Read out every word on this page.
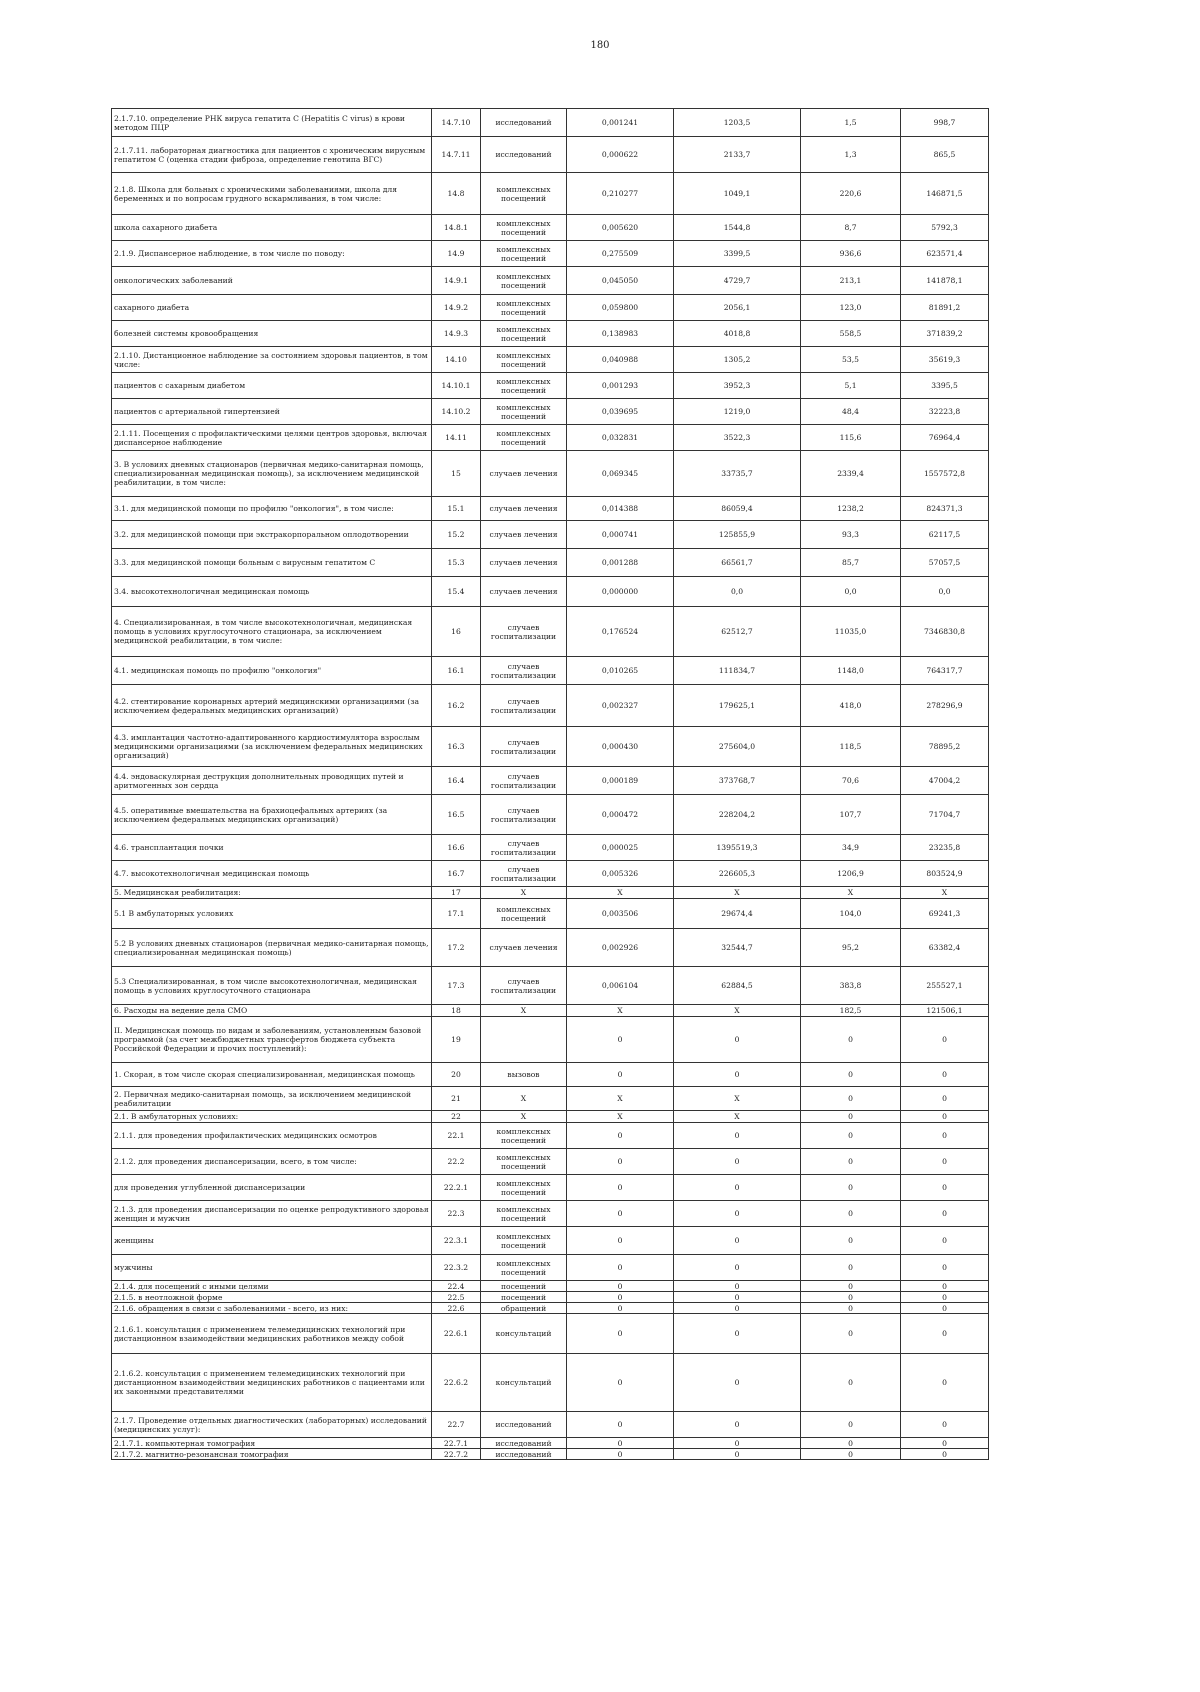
180
2.1.7.10. определение РНК вируса гепатита С (Hepatitis C virus) в крови методом ПЦР	14.7.10	исследований	0,001241	1203,5	1,5	998,7
2.1.7.11. лабораторная диагностика для пациентов с хроническим вирусным гепатитом С (оценка стадии фиброза, определение генотипа ВГС)	14.7.11	исследований	0,000622	2133,7	1,3	865,5
2.1.8. Школа для больных с хроническими заболеваниями, школа для беременных и по вопросам грудного вскармливания, в том числе:	14.8	комплексных посещений	0,210277	1049,1	220,6	146871,5
школа сахарного диабета	14.8.1	комплексных посещений	0,005620	1544,8	8,7	5792,3
2.1.9. Диспансерное наблюдение, в том числе по поводу:	14.9	комплексных посещений	0,275509	3399,5	936,6	623571,4
онкологических заболеваний	14.9.1	комплексных посещений	0,045050	4729,7	213,1	141878,1
сахарного диабета	14.9.2	комплексных посещений	0,059800	2056,1	123,0	81891,2
болезней системы кровообращения	14.9.3	комплексных посещений	0,138983	4018,8	558,5	371839,2
2.1.10. Дистанционное наблюдение за состоянием здоровья пациентов, в том числе:	14.10	комплексных посещений	0,040988	1305,2	53,5	35619,3
пациентов с сахарным диабетом	14.10.1	комплексных посещений	0,001293	3952,3	5,1	3395,5
пациентов с артериальной гипертензией	14.10.2	комплексных посещений	0,039695	1219,0	48,4	32223,8
2.1.11. Посещения с профилактическими целями центров здоровья, включая диспансерное наблюдение	14.11	комплексных посещений	0,032831	3522,3	115,6	76964,4
3. В условиях дневных стационаров (первичная медико-санитарная помощь, специализированная медицинская помощь), за исключением медицинской реабилитации, в том числе:	15	случаев лечения	0,069345	33735,7	2339,4	1557572,8
3.1. для медицинской помощи по профилю "онкология", в том числе:	15.1	случаев лечения	0,014388	86059,4	1238,2	824371,3
3.2. для медицинской помощи при экстракорпоральном оплодотворении	15.2	случаев лечения	0,000741	125855,9	93,3	62117,5
3.3. для медицинской помощи больным с вирусным гепатитом С	15.3	случаев лечения	0,001288	66561,7	85,7	57057,5
3.4. высокотехнологичная медицинская помощь	15.4	случаев лечения	0,000000	0,0	0,0	0,0
4. Специализированная, в том числе высокотехнологичная, медицинская помощь в условиях круглосуточного стационара, за исключением медицинской реабилитации, в том числе:	16	случаев госпитализации	0,176524	62512,7	11035,0	7346830,8
4.1. медицинская помощь по профилю "онкология"	16.1	случаев госпитализации	0,010265	111834,7	1148,0	764317,7
4.2. стентирование коронарных артерий медицинскими организациями (за исключением федеральных медицинских организаций)	16.2	случаев госпитализации	0,002327	179625,1	418,0	278296,9
4.3. имплантация частотно-адаптированного кардиостимулятора взрослым медицинскими организациями (за исключением федеральных медицинских организаций)	16.3	случаев госпитализации	0,000430	275604,0	118,5	78895,2
4.4. эндоваскулярная деструкция дополнительных проводящих путей и аритмогенных зон сердца	16.4	случаев госпитализации	0,000189	373768,7	70,6	47004,2
4.5. оперативные вмешательства на брахиоцефальных артериях (за исключением федеральных медицинских организаций)	16.5	случаев госпитализации	0,000472	228204,2	107,7	71704,7
4.6. трансплантация почки	16.6	случаев госпитализации	0,000025	1395519,3	34,9	23235,8
4.7. высокотехнологичная медицинская помощь	16.7	случаев госпитализации	0,005326	226605,3	1206,9	803524,9
5. Медицинская реабилитация:	17	X	X	X	X	X
5.1 В амбулаторных условиях	17.1	комплексных посещений	0,003506	29674,4	104,0	69241,3
5.2 В условиях дневных стационаров (первичная медико-санитарная помощь, специализированная медицинская помощь)	17.2	случаев лечения	0,002926	32544,7	95,2	63382,4
5.3 Специализированная, в том числе высокотехнологичная, медицинская помощь в условиях круглосуточного стационара	17.3	случаев госпитализации	0,006104	62884,5	383,8	255527,1
6. Расходы на ведение дела СМО	18	X	X	X	182,5	121506,1
II. Медицинская помощь по видам и заболеваниям, установленным базовой программой (за счет межбюджетных трансфертов бюджета субъекта Российской Федерации и прочих поступлений):	19		0	0	0	0
1. Скорая, в том числе скорая специализированная, медицинская помощь	20	вызовов	0	0	0	0
2. Первичная медико-санитарная помощь, за исключением медицинской реабилитации	21	X	X	X	0	0
2.1. В амбулаторных условиях:	22	X	X	X	0	0
2.1.1. для проведения профилактических медицинских осмотров	22.1	комплексных посещений	0	0	0	0
2.1.2. для проведения диспансеризации, всего, в том числе:	22.2	комплексных посещений	0	0	0	0
для проведения углубленной диспансеризации	22.2.1	комплексных посещений	0	0	0	0
2.1.3. для проведения диспансеризации по оценке репродуктивного здоровья женщин и мужчин	22.3	комплексных посещений	0	0	0	0
женщины	22.3.1	комплексных посещений	0	0	0	0
мужчины	22.3.2	комплексных посещений	0	0	0	0
2.1.4. для посещений с иными целями	22.4	посещений	0	0	0	0
2.1.5. в неотложной форме	22.5	посещений	0	0	0	0
2.1.6. обращения в связи с заболеваниями - всего, из них:	22.6	обращений	0	0	0	0
2.1.6.1. консультация с применением телемедицинских технологий при дистанционном взаимодействии медицинских работников между собой	22.6.1	консультаций	0	0	0	0
2.1.6.2. консультация с применением телемедицинских технологий при дистанционном взаимодействии медицинских работников с пациентами или их законными представителями	22.6.2	консультаций	0	0	0	0
2.1.7. Проведение отдельных диагностических (лабораторных) исследований (медицинских услуг):	22.7	исследований	0	0	0	0
2.1.7.1. компьютерная томография	22.7.1	исследований	0	0	0	0
2.1.7.2. магнитно-резонансная томография	22.7.2	исследований	0	0	0	0
